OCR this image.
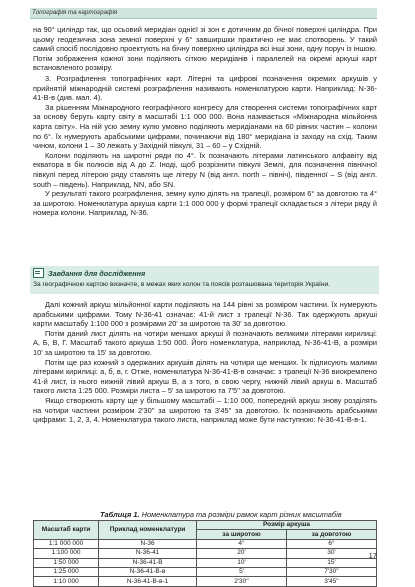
Топографія та картографія

на 90° циліндр так, що осьовий меридіан однієї зі зон є дотичним до бічної поверхні циліндра. При цьому геодезична зона земної поверхні у 6° завширшки практично не має спотворень. У такий самий спосіб послідовно проектують на бічну поверхню циліндра всі інші зони, одну поруч із іншою. Потім зображення кожної зони поділяють сіткою меридіанів і паралелей на окремі аркуші карт встановленого розміру.

3. Розграфлення топографічних карт. Літерні та цифрові позначення окремих аркушів у прийнятій міжнародній системі розграфлення називають номенклатурою карти. Наприклад: N-36-41-В-в (див. мал. 4).

За рішенням Міжнародного географічного конгресу для створення системи топографічних карт за основу беруть карту світу в масштабі 1:1 000 000. Вона називається «Міжнародна мільйонна карта світу». На нiй усю земну кулю умовно поділяють меридіанами на 60 рівних частин – колони по 6°. Їх нумерують арабськими цифрами, починаючи від 180° меридіана із заходу на схід. Таким чином, колони 1 – 30 лежать у Західній півкулі, 31 – 60 – у Східній.

Колони поділяють на широтні ряди по 4°. Їх позначають літерами латинського алфавіту від екватора в бік полюсів від A до Z. Іноді, щоб розрізнити півкулі Землі, для позначення північної півкулі перед літерою ряду ставлять ще літеру N (від англ. north – північ), південної – S (від англ. south – південь). Наприклад, NN, або SN.

У результаті такого розграфлення, земну кулю ділять на трапеції, розміром 6° за довготою та 4° за широтою. Номенклатура аркуша карти 1:1 000 000 у формі трапеції складається з літери ряду й номера колони. Наприклад, N-36.

Завдання для дослідження
За географічною картою визначте, в межах яких колон та поясів розташована територія України.

Далі кожний аркуш мільйонної карти поділяють на 144 рівні за розміром частини. Їх нумерують арабськими цифрами. Тому N-36-41 означає: 41-й лист з трапеції N-36. Так одержують аркуші карти масштабу 1:100 000 з розмірами 20' за широтою та 30' за довготою.

Потім даний лист ділять на чотири менших аркуші й позначають великими літерами кирилиці: А, Б, В, Г. Масштаб такого аркуша 1:50 000. Його номенклатура, наприклад, N-36-41-В, а розміри 10' за широтою та 15' за довготою.

Потім ще раз кожний з одержаних аркушів ділять на чотири ще менших. Їх підписують малими літерами кирилиці: а, б, в, г. Отже, номенклатура N-36-41-В-в означає: з трапеції N-36 виокремлено 41-й лист, із нього нижній лівий аркуш В, а з того, в свою чергу, нижній лівий аркуш в. Масштаб такого листа 1:25 000. Розміри листа – 5' за широтою та 7'5'' за довготою.

Якщо створюють карту ще у більшому масштабі – 1:10 000, попередній аркуш знову розділять на чотири частини розміром 2'30'' за широтою та 3'45'' за довготою. Їх позначають арабськими цифрами: 1, 2, 3, 4. Номенклатура такого листа, наприклад може бути наступною: N-36-41-В-в-1.

Таблиця 1. Номенклатура та розміри рамок карт різних масштабів
Масштаб карти	Приклад номенклатури	Розмір аркуша	
		за широтою	за довготою
1:1 000 000	N-36	4°	6°
1:100 000	N-36-41	20'	30'
1:50 000	N-36-41-В	10'	15'
1:25 000	N-36-41-В-в	5'	7'30''
1:10 000	N-36-41-В-в-1	2'30''	3'45''
17
